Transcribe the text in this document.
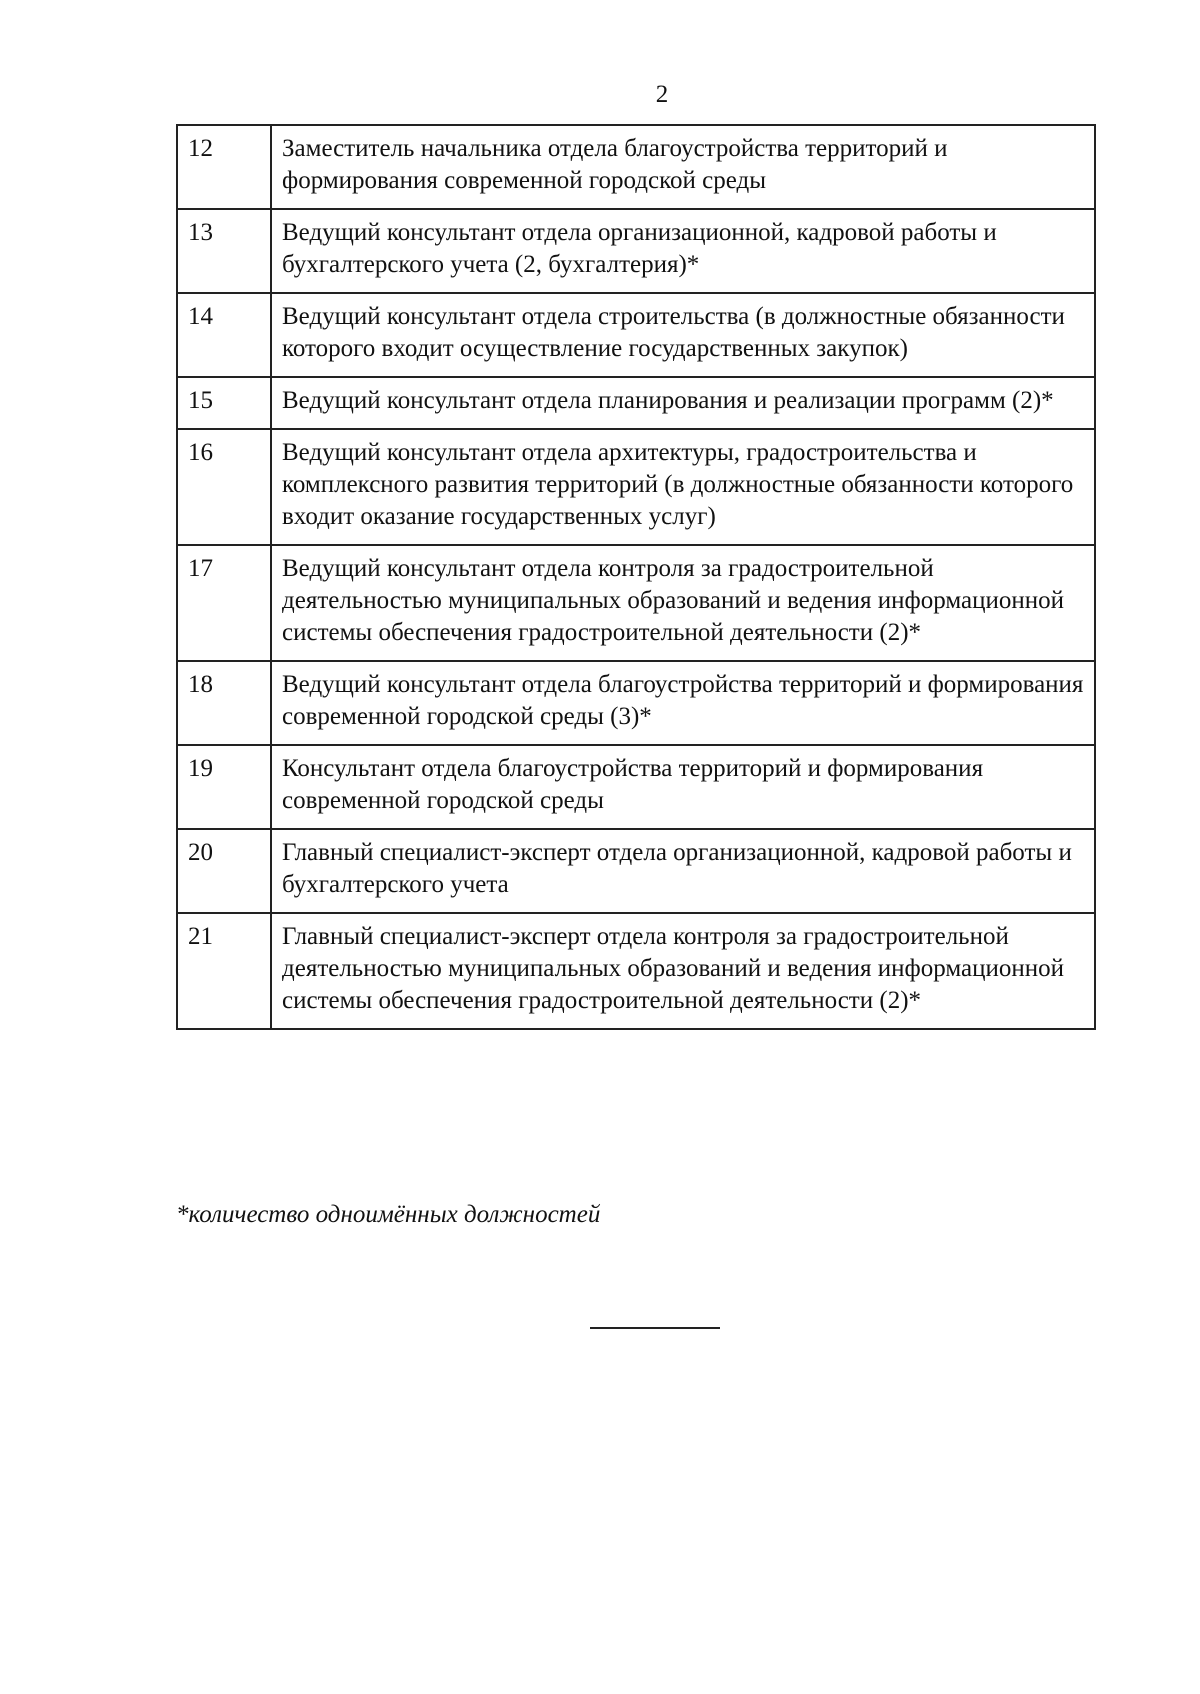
2
12	Заместитель начальника отдела благоустройства территорий и формирования современной городской среды
13	Ведущий консультант отдела организационной, кадровой работы и бухгалтерского учета (2, бухгалтерия)*
14	Ведущий консультант отдела строительства (в должностные обязанности которого входит осуществление государственных закупок)
15	Ведущий консультант отдела планирования и реализации программ (2)*
16	Ведущий консультант отдела архитектуры, градостроительства и комплексного развития территорий (в должностные обязанности которого входит оказание государственных услуг)
17	Ведущий консультант отдела контроля за градостроительной деятельностью муниципальных образований и ведения информационной системы обеспечения градостроительной деятельности (2)*
18	Ведущий консультант отдела благоустройства территорий и формирования современной городской среды (3)*
19	Консультант отдела благоустройства территорий и формирования современной городской среды
20	Главный специалист-эксперт отдела организационной, кадровой работы и бухгалтерского учета
21	Главный специалист-эксперт отдела контроля за градостроительной деятельностью муниципальных образований и ведения информационной системы обеспечения градостроительной деятельности (2)*
*количество одноимённых должностей
